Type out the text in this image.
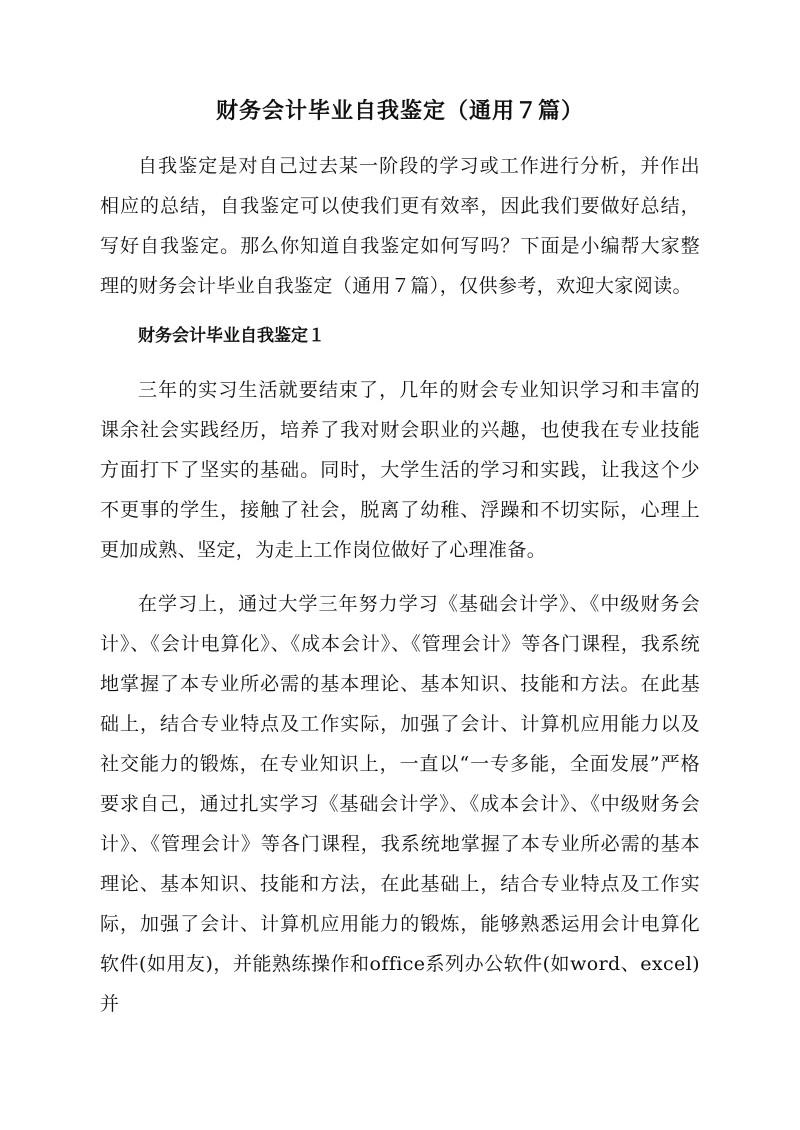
财务会计毕业自我鉴定（通用７篇）

自我鉴定是对自己过去某一阶段的学习或工作进行分析，并作出相应的总结，自我鉴定可以使我们更有效率，因此我们要做好总结，写好自我鉴定。那么你知道自我鉴定如何写吗？下面是小编帮大家整理的财务会计毕业自我鉴定（通用７篇），仅供参考，欢迎大家阅读。

财务会计毕业自我鉴定１

三年的实习生活就要结束了，几年的财会专业知识学习和丰富的课余社会实践经历，培养了我对财会职业的兴趣，也使我在专业技能方面打下了坚实的基础。同时，大学生活的学习和实践，让我这个少不更事的学生，接触了社会，脱离了幼稚、浮躁和不切实际，心理上更加成熟、坚定，为走上工作岗位做好了心理准备。

在学习上，通过大学三年努力学习《基础会计学》、《中级财务会计》、《会计电算化》、《成本会计》、《管理会计》等各门课程，我系统地掌握了本专业所必需的基本理论、基本知识、技能和方法。在此基础上，结合专业特点及工作实际，加强了会计、计算机应用能力以及社交能力的锻炼，在专业知识上，一直以“一专多能，全面发展”严格要求自己，通过扎实学习《基础会计学》、《成本会计》、《中级财务会计》、《管理会计》等各门课程，我系统地掌握了本专业所必需的基本理论、基本知识、技能和方法，在此基础上，结合专业特点及工作实际，加强了会计、计算机应用能力的锻炼，能够熟悉运用会计电算化软件(如用友)，并能熟练操作和office系列办公软件(如word、excel)并
